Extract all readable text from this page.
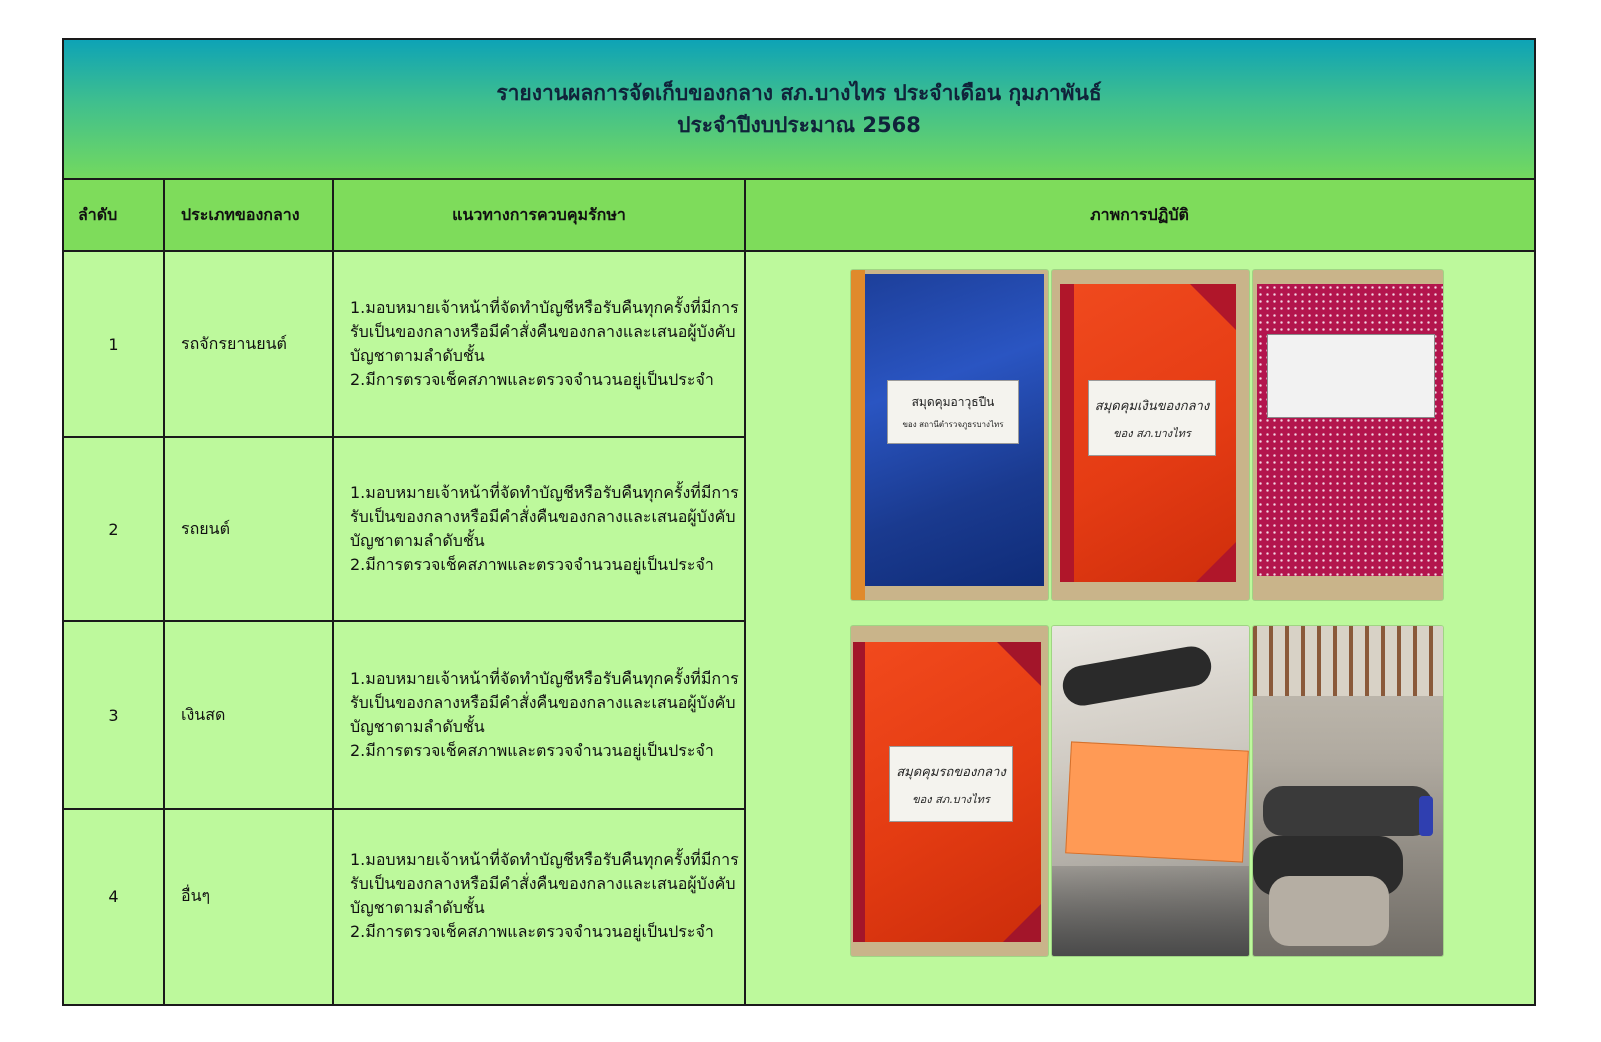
รายงานผลการจัดเก็บของกลาง สภ.บางไทร ประจำเดือน กุมภาพันธ์
ประจำปีงบประมาณ 2568
ลำดับ	ประเภทของกลาง	แนวทางการควบคุมรักษา	ภาพการปฏิบัติ
1	รถจักรยานยนต์
1.มอบหมายเจ้าหน้าที่จัดทำบัญชีหรือรับคืนทุกครั้งที่มีการ
รับเป็นของกลางหรือมีคำสั่งคืนของกลางและเสนอผู้บังคับ
บัญชาตามลำดับชั้น
2.มีการตรวจเช็คสภาพและตรวจจำนวนอยู่เป็นประจำ
2	รถยนต์
1.มอบหมายเจ้าหน้าที่จัดทำบัญชีหรือรับคืนทุกครั้งที่มีการ
รับเป็นของกลางหรือมีคำสั่งคืนของกลางและเสนอผู้บังคับ
บัญชาตามลำดับชั้น
2.มีการตรวจเช็คสภาพและตรวจจำนวนอยู่เป็นประจำ
3	เงินสด
1.มอบหมายเจ้าหน้าที่จัดทำบัญชีหรือรับคืนทุกครั้งที่มีการ
รับเป็นของกลางหรือมีคำสั่งคืนของกลางและเสนอผู้บังคับ
บัญชาตามลำดับชั้น
2.มีการตรวจเช็คสภาพและตรวจจำนวนอยู่เป็นประจำ
4	อื่นๆ
1.มอบหมายเจ้าหน้าที่จัดทำบัญชีหรือรับคืนทุกครั้งที่มีการ
รับเป็นของกลางหรือมีคำสั่งคืนของกลางและเสนอผู้บังคับ
บัญชาตามลำดับชั้น
2.มีการตรวจเช็คสภาพและตรวจจำนวนอยู่เป็นประจำ
สมุดคุมอาวุธปืน
ของ สถานีตำรวจภูธรบางไทร
สมุดคุมเงินของกลาง
ของ สภ.บางไทร
สมุดคุมรถของกลาง
ของ สภ.บางไทร
